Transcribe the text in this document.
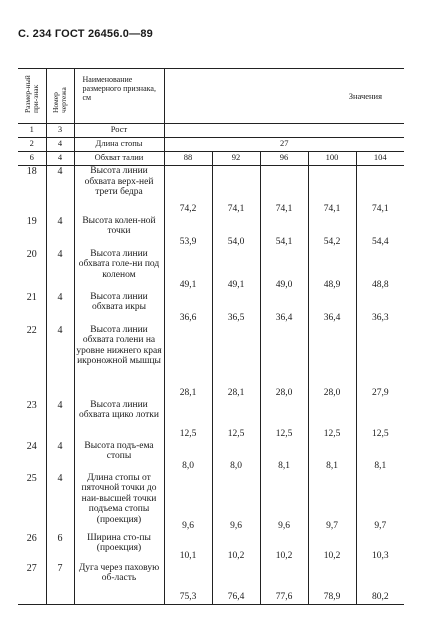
С. 234 ГОСТ 26456.0—89
Размер-ный при-знак	Номер чертежа	Наименование размерного признака, см	Значения				
1	3	Рост					
2	4	Длина стопы	27				
6	4	Обхват талии	88	92	96	100	104
18	4	Высота линии обхвата верх-ней трети бедра	74,2	74,1	74,1	74,1	74,1
19	4	Высота колен-ной точки	53,9	54,0	54,1	54,2	54,4
20	4	Высота линии обхвата голе-ни под коленом	49,1	49,1	49,0	48,9	48,8
21	4	Высота линии обхвата икры	36,6	36,5	36,4	36,4	36,3
22	4	Высота линии обхвата голени на уровне нижнего края икроножной мышцы	28,1	28,1	28,0	28,0	27,9
23	4	Высота линии обхвата щико лотки	12,5	12,5	12,5	12,5	12,5
24	4	Высота подъ-ема стопы	8,0	8,0	8,1	8,1	8,1
25	4	Длина стопы от пяточной точки до наи-высшей точки подъема стопы (проекция)	9,6	9,6	9,6	9,7	9,7
26	6	Ширина сто-пы (проекция)	10,1	10,2	10,2	10,2	10,3
27	7	Дуга через паховую об-ласть	75,3	76,4	77,6	78,9	80,2
